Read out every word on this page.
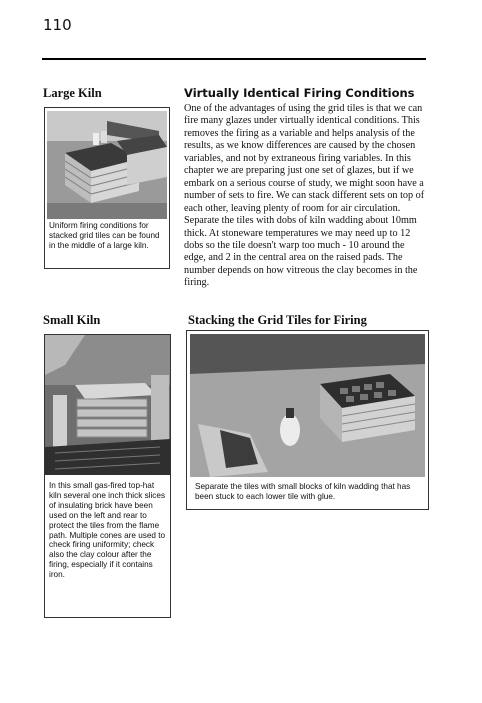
110
Large Kiln
Uniform firing conditions for stacked grid tiles can be found in the middle of a large kiln.
Virtually Identical Firing Conditions
One of the advantages of using the grid tiles is that we can fire many glazes under virtually identical conditions. This removes the firing as a variable and helps analysis of the results, as we know differences are caused by the chosen variables, and not by extraneous firing variables. In this chapter we are preparing just one set of glazes, but if we embark on a serious course of study, we might soon have a number of sets to fire. We can stack different sets on top of each other, leaving plenty of room for air circulation. Separate the tiles with dobs of kiln wadding about 10mm thick. At stoneware temperatures we may need up to 12 dobs so the tile doesn't warp too much - 10 around the edge, and 2 in the central area on the raised pads. The number depends on how vitreous the clay becomes in the firing.
Small Kiln
In this small gas-fired top-hat kiln several one inch thick slices of insulating brick have been used on the left and rear to protect the tiles from the flame path. Multiple cones are used to check firing uniformity; check also the clay colour after the firing, especially if it contains iron.
Stacking the Grid Tiles for Firing
Separate the tiles with small blocks of kiln wadding that has been stuck to each lower tile with glue.
